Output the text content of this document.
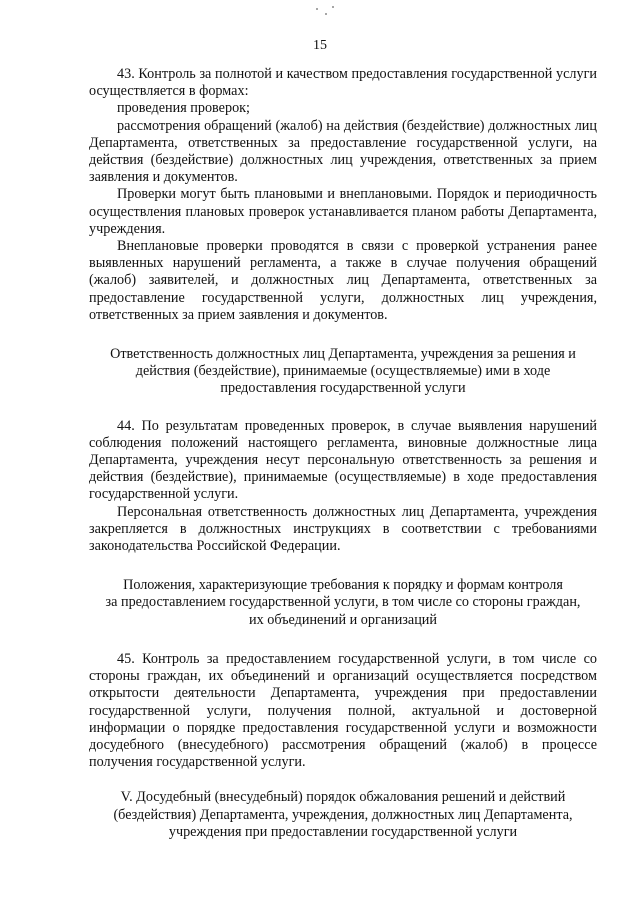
15

43. Контроль за полнотой и качеством предоставления государственной услуги осуществляется в формах:

проведения проверок;

рассмотрения обращений (жалоб) на действия (бездействие) должностных лиц Департамента, ответственных за предоставление государственной услуги, на действия (бездействие) должностных лиц учреждения, ответственных за прием заявления и документов.

Проверки могут быть плановыми и внеплановыми. Порядок и периодичность осуществления плановых проверок устанавливается планом работы Департамента, учреждения.

Внеплановые проверки проводятся в связи с проверкой устранения ранее выявленных нарушений регламента, а также в случае получения обращений (жалоб) заявителей, и должностных лиц Департамента, ответственных за предоставление государственной услуги, должностных лиц учреждения, ответственных за прием заявления и документов.

Ответственность должностных лиц Департамента, учреждения за решения и

действия (бездействие), принимаемые (осуществляемые) ими в ходе

предоставления государственной услуги

44. По результатам проведенных проверок, в случае выявления нарушений соблюдения положений настоящего регламента, виновные должностные лица Департамента, учреждения несут персональную ответственность за решения и действия (бездействие), принимаемые (осуществляемые) в ходе предоставления государственной услуги.

Персональная ответственность должностных лиц Департамента, учреждения закрепляется в должностных инструкциях в соответствии с требованиями законодательства Российской Федерации.

Положения, характеризующие требования к порядку и формам контроля

за предоставлением государственной услуги, в том числе со стороны граждан,

их объединений и организаций

45. Контроль за предоставлением государственной услуги, в том числе со стороны граждан, их объединений и организаций осуществляется посредством открытости деятельности Департамента, учреждения при предоставлении государственной услуги, получения полной, актуальной и достоверной информации о порядке предоставления государственной услуги и возможности досудебного (внесудебного) рассмотрения обращений (жалоб) в процессе получения государственной услуги.

V. Досудебный (внесудебный) порядок обжалования решений и действий

(бездействия) Департамента, учреждения, должностных лиц Департамента,

учреждения при предоставлении государственной услуги
